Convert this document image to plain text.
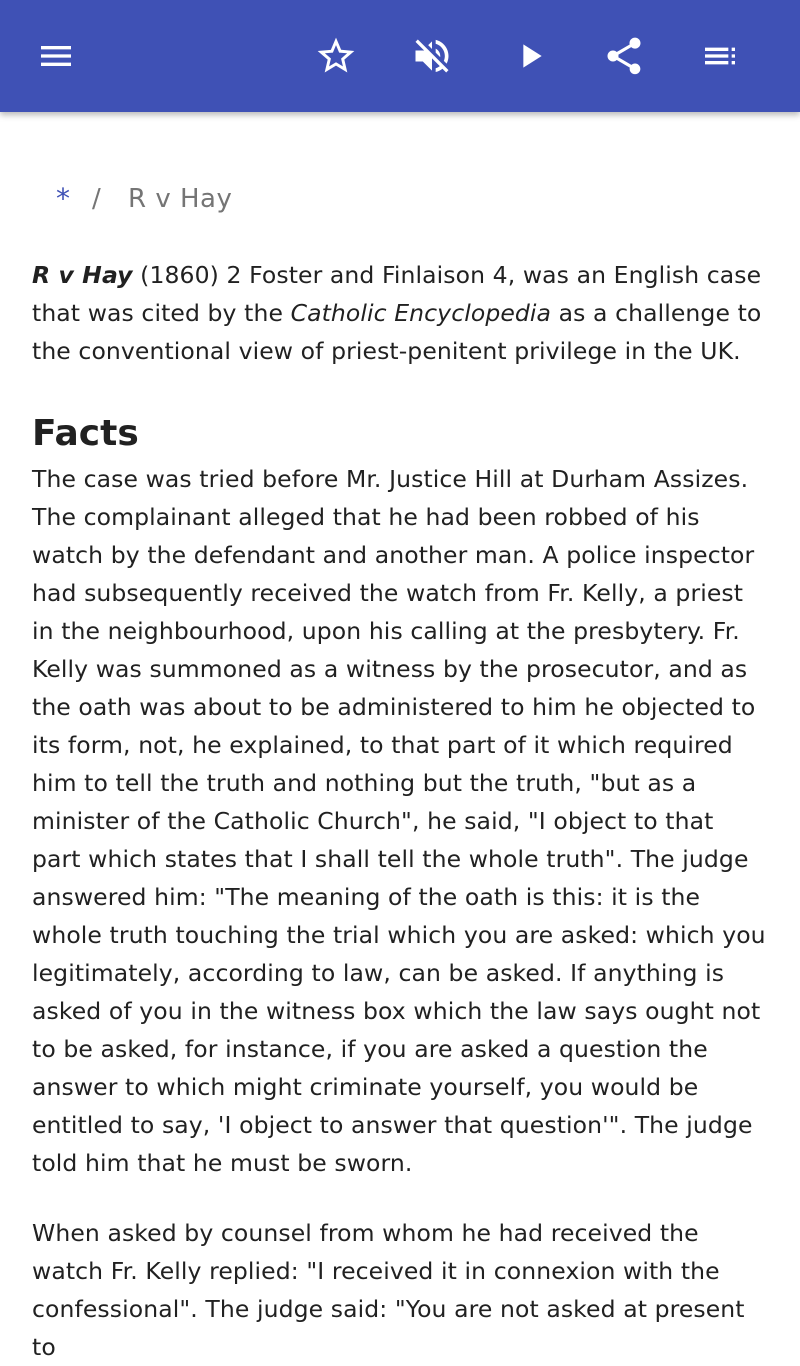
* / R v Hay

R v Hay (1860) 2 Foster and Finlaison 4, was an English case that was cited by the Catholic Encyclopedia as a challenge to the conventional view of priest-penitent privilege in the UK.

Facts

The case was tried before Mr. Justice Hill at Durham Assizes. The complainant alleged that he had been robbed of his watch by the defendant and another man. A police inspector had subsequently received the watch from Fr. Kelly, a priest in the neighbourhood, upon his calling at the presbytery. Fr. Kelly was summoned as a witness by the prosecutor, and as the oath was about to be administered to him he objected to its form, not, he explained, to that part of it which required him to tell the truth and nothing but the truth, "but as a minister of the Catholic Church", he said, "I object to that part which states that I shall tell the whole truth". The judge answered him: "The meaning of the oath is this: it is the whole truth touching the trial which you are asked: which you legitimately, according to law, can be asked. If anything is asked of you in the witness box which the law says ought not to be asked, for instance, if you are asked a question the answer to which might criminate yourself, you would be entitled to say, 'I object to answer that question'". The judge told him that he must be sworn.

When asked by counsel from whom he had received the watch Fr. Kelly replied: "I received it in connexion with the confessional". The judge said: "You are not asked at present to
